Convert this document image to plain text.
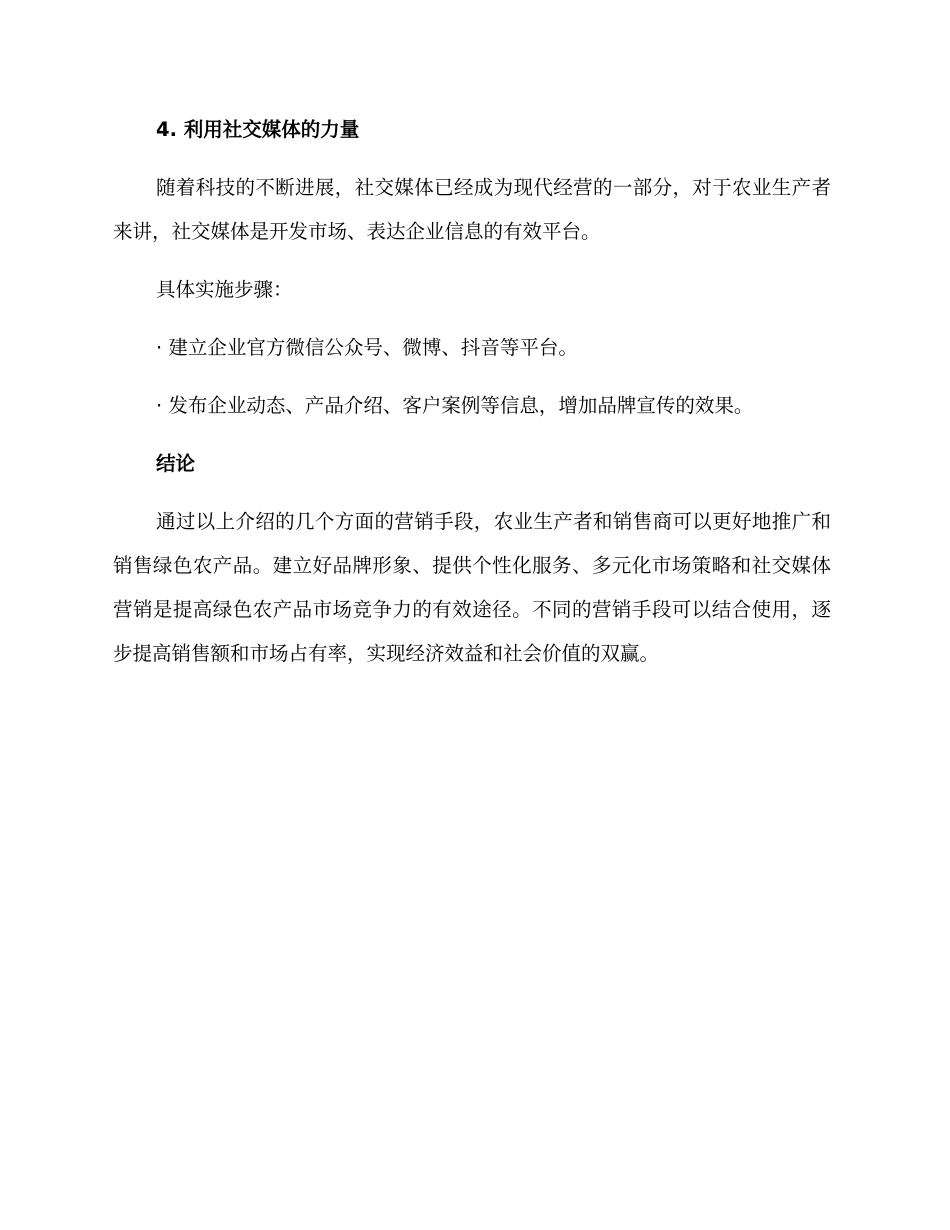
4. 利用社交媒体的力量
随着科技的不断进展，社交媒体已经成为现代经营的一部分，对于农业生产者来讲，社交媒体是开发市场、表达企业信息的有效平台。
具体实施步骤：
· 建立企业官方微信公众号、微博、抖音等平台。
· 发布企业动态、产品介绍、客户案例等信息，增加品牌宣传的效果。
结论
通过以上介绍的几个方面的营销手段，农业生产者和销售商可以更好地推广和销售绿色农产品。建立好品牌形象、提供个性化服务、多元化市场策略和社交媒体营销是提高绿色农产品市场竞争力的有效途径。不同的营销手段可以结合使用，逐步提高销售额和市场占有率，实现经济效益和社会价值的双赢。
